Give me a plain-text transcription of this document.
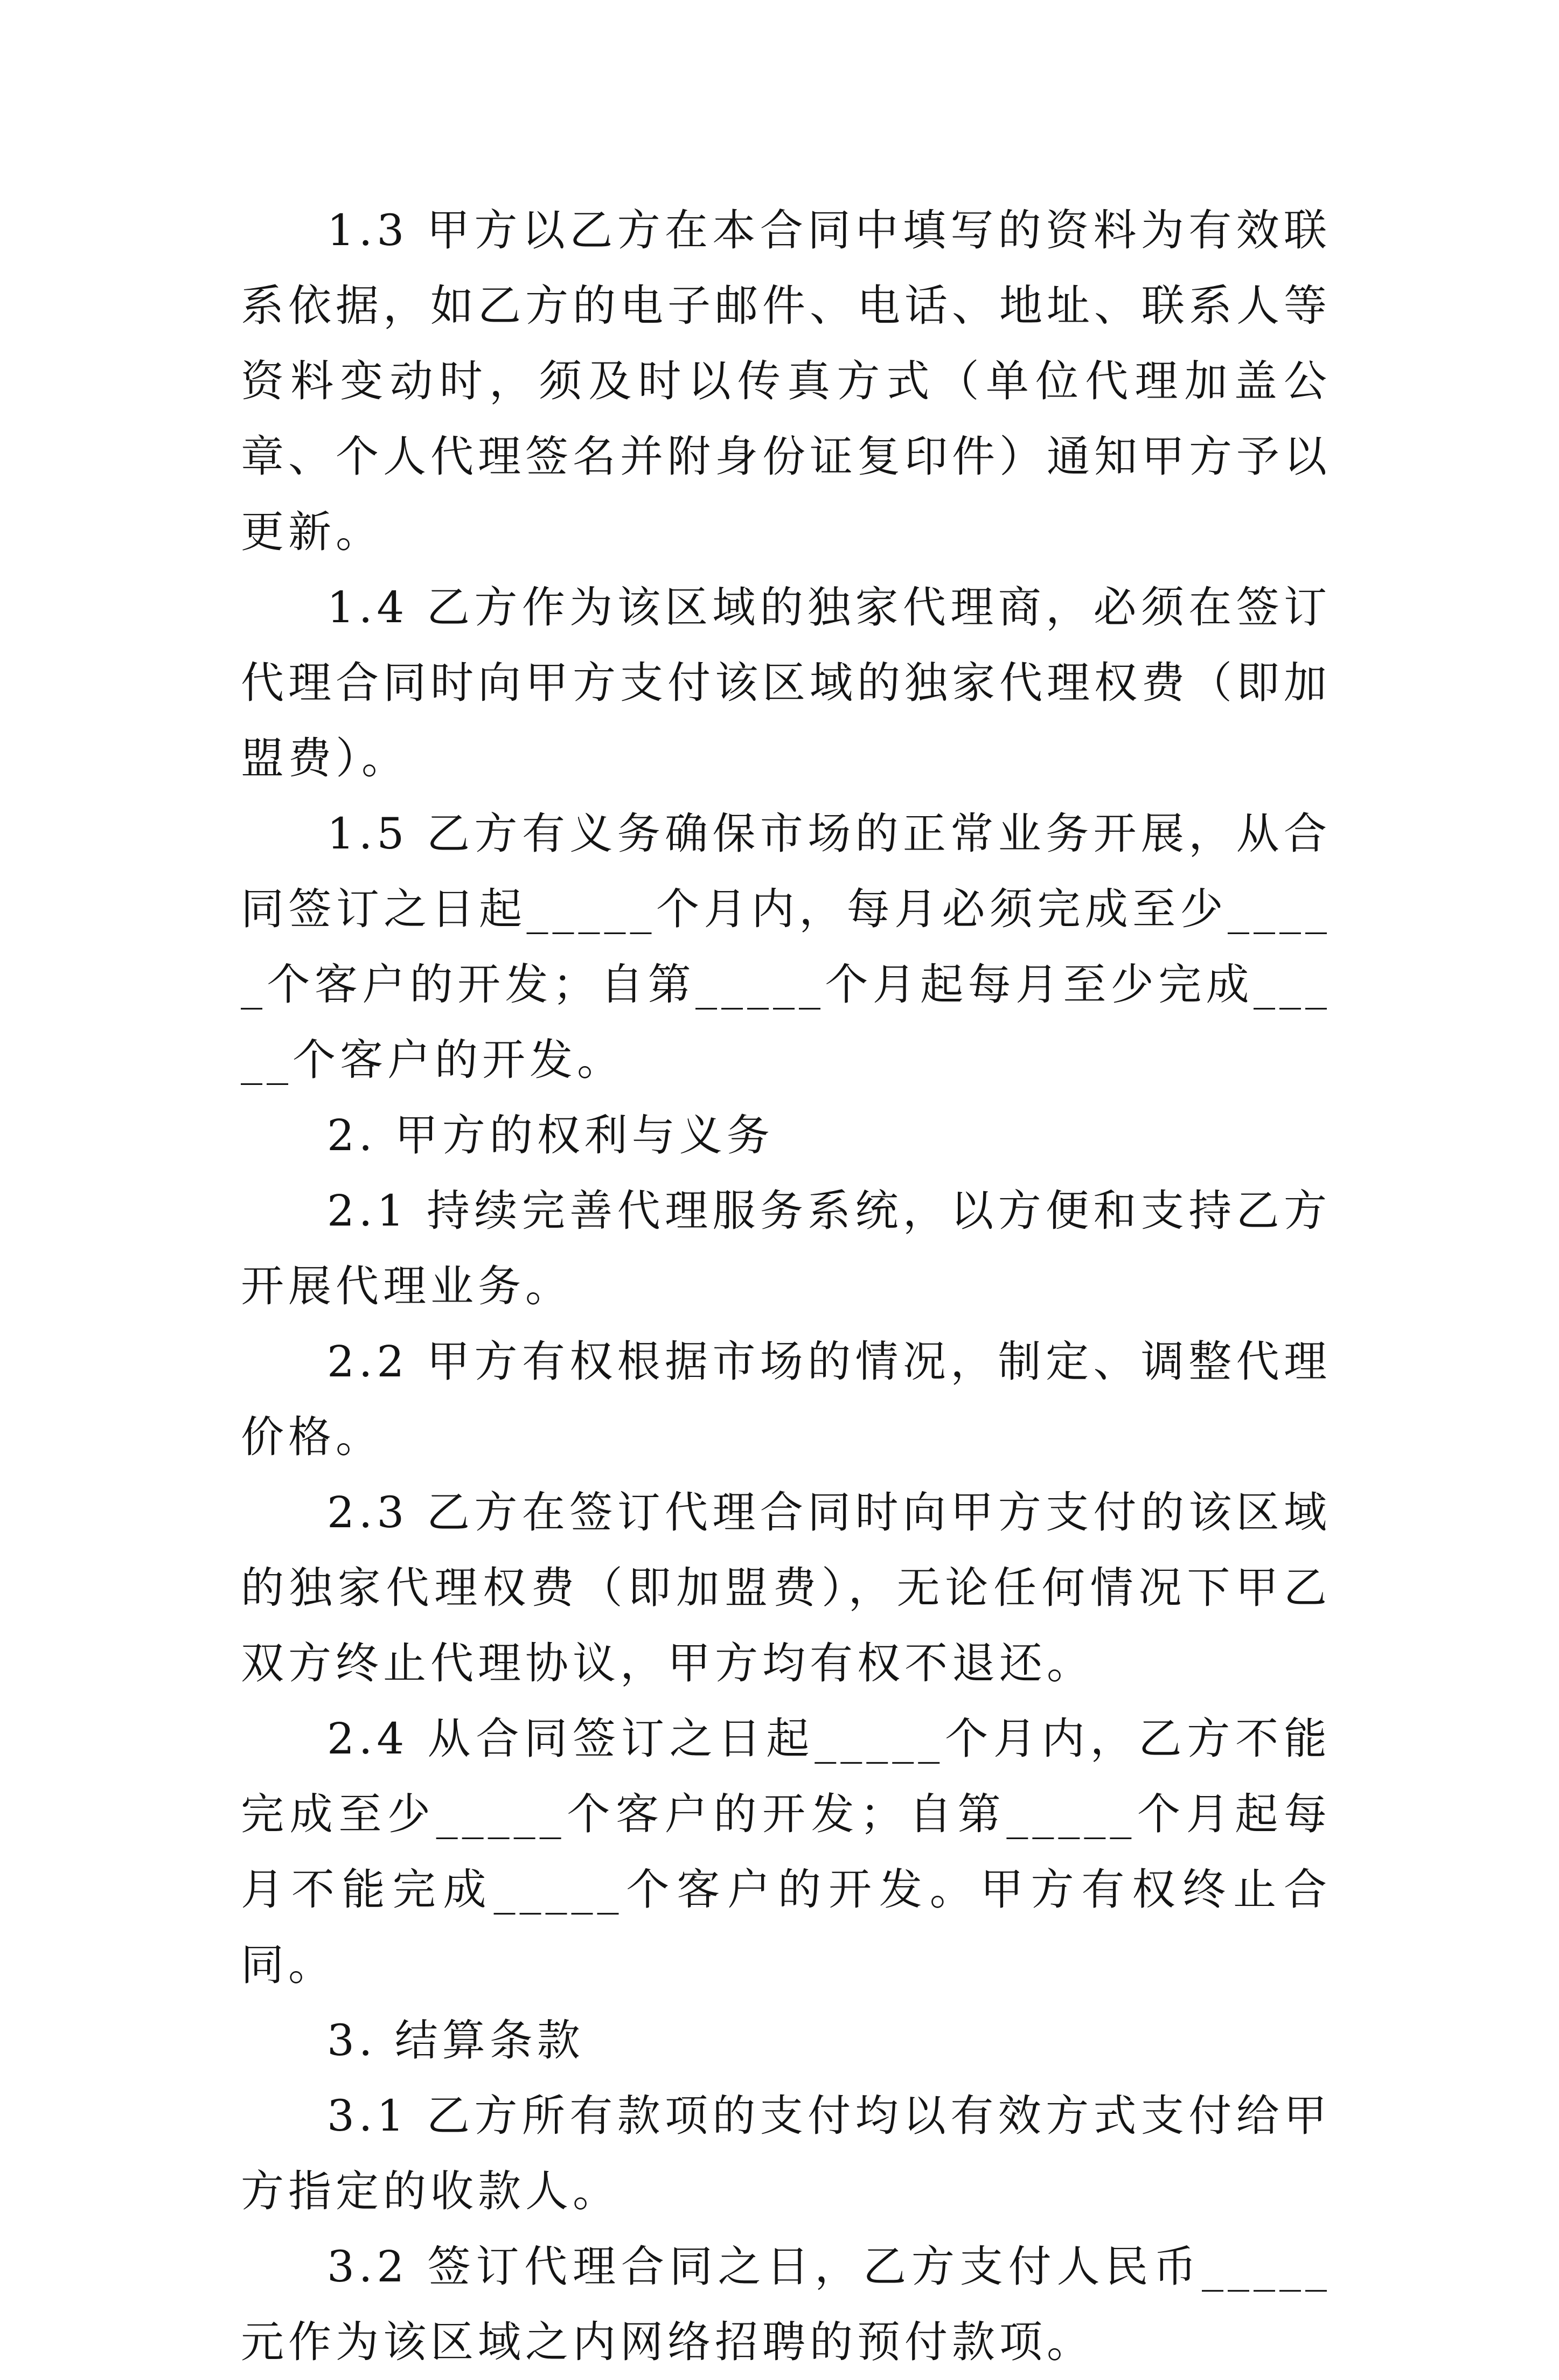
1.3 甲方以乙方在本合同中填写的资料为有效联系依据，如乙方的电子邮件、电话、地址、联系人等资料变动时，须及时以传真方式（单位代理加盖公章、个人代理签名并附身份证复印件）通知甲方予以更新。

1.4 乙方作为该区域的独家代理商，必须在签订代理合同时向甲方支付该区域的独家代理权费（即加盟费）。

1.5 乙方有义务确保市场的正常业务开展，从合同签订之日起_____个月内，每月必须完成至少_____个客户的开发；自第_____个月起每月至少完成_____个客户的开发。

2. 甲方的权利与义务

2.1 持续完善代理服务系统，以方便和支持乙方开展代理业务。

2.2 甲方有权根据市场的情况，制定、调整代理价格。

2.3 乙方在签订代理合同时向甲方支付的该区域的独家代理权费（即加盟费），无论任何情况下甲乙双方终止代理协议，甲方均有权不退还。

2.4 从合同签订之日起_____个月内，乙方不能完成至少_____个客户的开发；自第_____个月起每月不能完成_____个客户的开发。甲方有权终止合同。

3. 结算条款

3.1 乙方所有款项的支付均以有效方式支付给甲方指定的收款人。

3.2 签订代理合同之日，乙方支付人民币_____元作为该区域之内网络招聘的预付款项。
